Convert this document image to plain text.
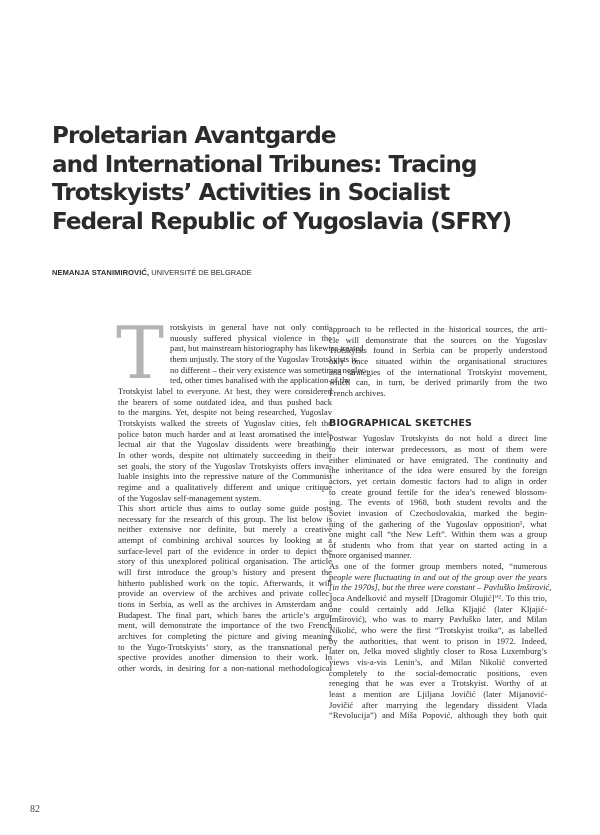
Proletarian Avantgarde
and International Tribunes: Tracing
Trotskyists’ Activities in Socialist
Federal Republic of Yugoslavia (SFRY)

NEMANJA STANIMIROVIĆ, UNIVERSITÉ DE BELGRADE

T rotskyists in general have not only conti-
nuously suffered physical violence in the
past, but mainstream historiography has likewise treated
them unjustly. The story of the Yugoslav Trotskyists is
no different – their very existence was sometimes neglec-
ted, other times banalised with the application of the
Trotskyist label to everyone. At best, they were considered
the bearers of some outdated idea, and thus pushed back
to the margins. Yet, despite not being researched, Yugoslav
Trotskyists walked the streets of Yugoslav cities, felt the
police baton much harder and at least aromatised the intel-
lectual air that the Yugoslav dissidents were breathing.
In other words, despite not ultimately succeeding in their
set goals, the story of the Yugoslav Trotskyists offers inva-
luable insights into the repressive nature of the Communist
regime and a qualitatively different and unique critique
of the Yugoslav self-management system.

This short article thus aims to outlay some guide posts
necessary for the research of this group. The list below is
neither extensive nor definite, but merely a creative
attempt of combining archival sources by looking at a
surface-level part of the evidence in order to depict the
story of this unexplored political organisation. The article
will first introduce the group’s history and present the
hitherto published work on the topic. Afterwards, it will
provide an overview of the archives and private collec-
tions in Serbia, as well as the archives in Amsterdam and
Budapest. The final part, which bares the article’s argu-
ment, will demonstrate the importance of the two French
archives for completing the picture and giving meaning
to the Yugo-Trotskyists’ story, as the transnational per-
spective provides another dimension to their work. In
other words, in desiring for a non-national methodological

approach to be reflected in the historical sources, the arti-
cle will demonstrate that the sources on the Yugoslav
Trotskyists found in Serbia can be properly understood
only once situated within the organisational structures
and strategies of the international Trotskyist movement,
which can, in turn, be derived primarily from the two
French archives.

BIOGRAPHICAL SKETCHES

Postwar Yugoslav Trotskyists do not hold a direct line
to their interwar predecessors, as most of them were
either eliminated or have emigrated. The continuity and
the inheritance of the idea were ensured by the foreign
actors, yet certain domestic factors had to align in order
to create ground fertile for the idea’s renewed blossom-
ing. The events of 1968, both student revolts and the
Soviet invasion of Czechoslovakia, marked the begin-
ning of the gathering of the Yugoslav opposition¹, what
one might call “the New Left”. Within them was a group
of students who from that year on started acting in a
more organised manner.

As one of the former group members noted, “numerous
people were fluctuating in and out of the group over the years
[in the 1970s], but the three were constant – Pavluško Imširović,
Joca Anđelković and myself [Dragomir Olujić]”². To this trio,
one could certainly add Jelka Kljajić (later Kljajić-
Imširović), who was to marry Pavluško later, and Milan
Nikolić, who were the first “Trotskyist troika”, as labelled
by the authorities, that went to prison in 1972. Indeed,
later on, Jelka moved slightly closer to Rosa Luxemburg’s
views vis-a-vis Lenin’s, and Milan Nikolić converted
completely to the social-democratic positions, even
reneging that he was ever a Trotskyist. Worthy of at
least a mention are Ljiljana Jovičić (later Mijanović-
Jovičić after marrying the legendary dissident Vlada
“Revolucija”) and Miša Popović, although they both quit

82
